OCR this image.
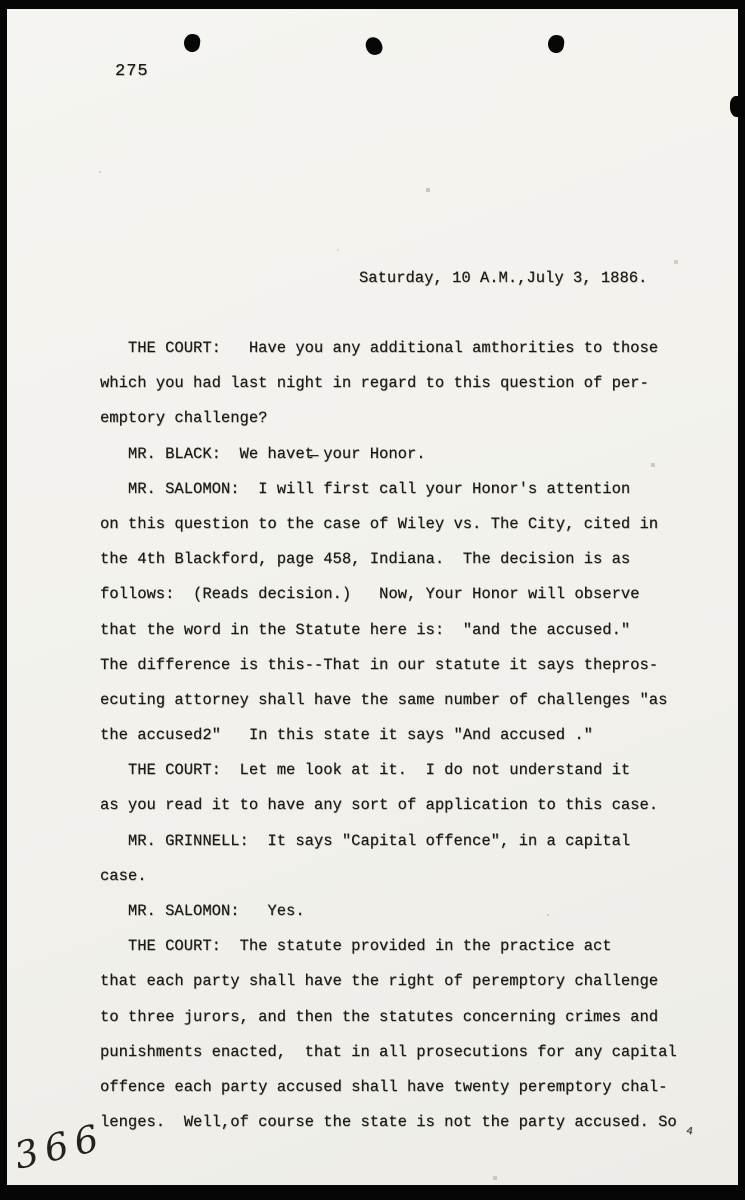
275
Saturday, 10 A.M.,July 3, 1886.
THE COURT:   Have you any additional amthorities to those
which you had last night in regard to this question of per-
emptory challenge?
MR. BLACK:  We havet̶ your Honor.
MR. SALOMON:  I will first call your Honor's attention
on this question to the case of Wiley vs. The City, cited in
the 4th Blackford, page 458, Indiana.  The decision is as
follows:  (Reads decision.)   Now, Your Honor will observe
that the word in the Statute here is:  "and the accused."
The difference is this--That in our statute it says thepros-
ecuting attorney shall have the same number of challenges "as
the accused2"   In this state it says "And accused ."
THE COURT:  Let me look at it.  I do not understand it
as you read it to have any sort of application to this case.
MR. GRINNELL:  It says "Capital offence", in a capital
case.
MR. SALOMON:   Yes.
THE COURT:  The statute provided in the practice act
that each party shall have the right of peremptory challenge
to three jurors, and then the statutes concerning crimes and
punishments enacted,  that in all prosecutions for any capital
offence each party accused shall have twenty peremptory chal-
lenges.  Well,of course the state is not the party accused. So
366	4
